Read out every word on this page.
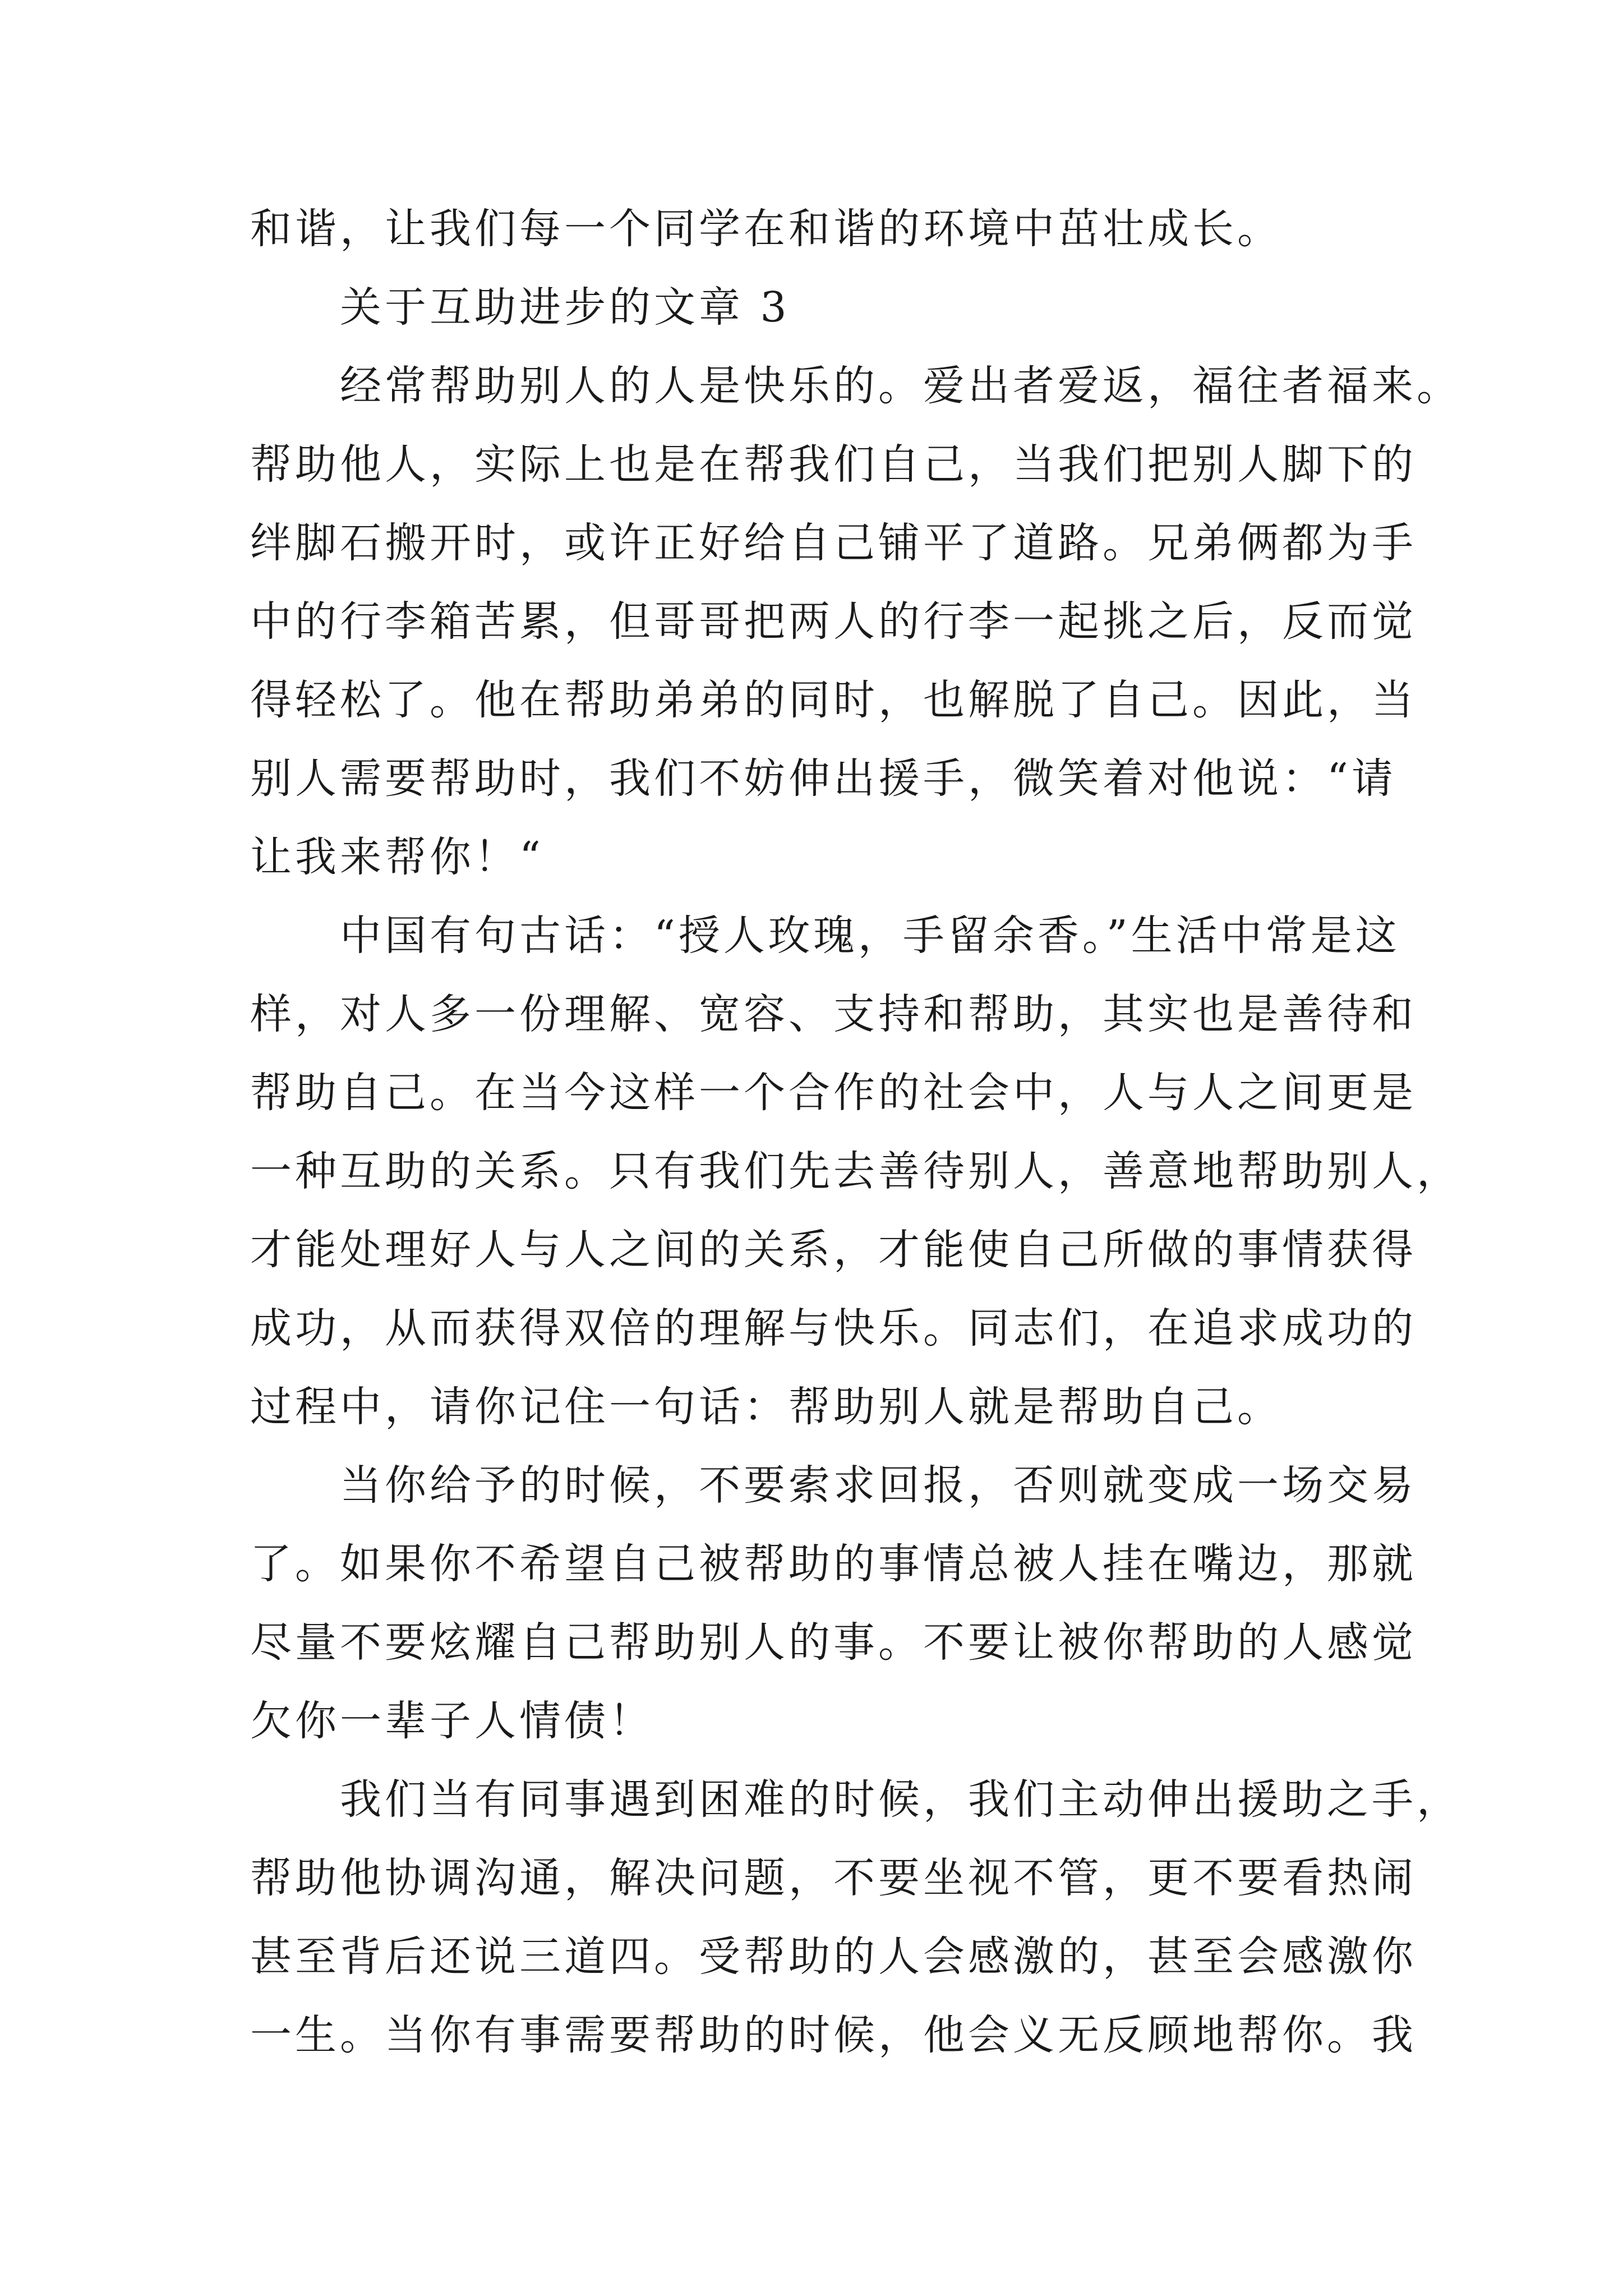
和谐，让我们每一个同学在和谐的环境中茁壮成长。
关于互助进步的文章 3
经常帮助别人的人是快乐的。爱出者爱返，福往者福来。
帮助他人，实际上也是在帮我们自己，当我们把别人脚下的
绊脚石搬开时，或许正好给自己铺平了道路。兄弟俩都为手
中的行李箱苦累，但哥哥把两人的行李一起挑之后，反而觉
得轻松了。他在帮助弟弟的同时，也解脱了自己。因此，当
别人需要帮助时，我们不妨伸出援手，微笑着对他说：“请
让我来帮你！“
中国有句古话：“授人玫瑰，手留余香。”生活中常是这
样，对人多一份理解、宽容、支持和帮助，其实也是善待和
帮助自己。在当今这样一个合作的社会中，人与人之间更是
一种互助的关系。只有我们先去善待别人，善意地帮助别人，
才能处理好人与人之间的关系，才能使自己所做的事情获得
成功，从而获得双倍的理解与快乐。同志们，在追求成功的
过程中，请你记住一句话：帮助别人就是帮助自己。
当你给予的时候，不要索求回报，否则就变成一场交易
了。如果你不希望自己被帮助的事情总被人挂在嘴边，那就
尽量不要炫耀自己帮助别人的事。不要让被你帮助的人感觉
欠你一辈子人情债！
我们当有同事遇到困难的时候，我们主动伸出援助之手，
帮助他协调沟通，解决问题，不要坐视不管，更不要看热闹
甚至背后还说三道四。受帮助的人会感激的，甚至会感激你
一生。当你有事需要帮助的时候，他会义无反顾地帮你。我
